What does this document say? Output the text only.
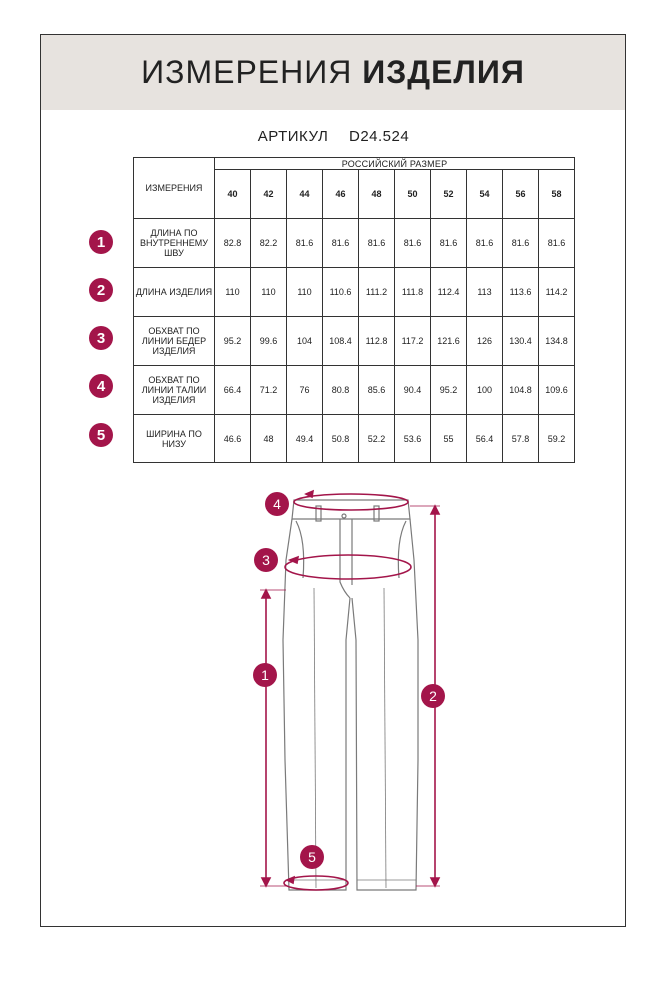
ИЗМЕРЕНИЯ ИЗДЕЛИЯ
АРТИКУЛ D24.524
1
2
3
4
5
ИЗМЕРЕНИЯ	РОССИЙСКИЙ РАЗМЕР									
	40	42	44	46	48	50	52	54	56	58
ДЛИНА ПО ВНУТРЕННЕМУ ШВУ	82.8	82.2	81.6	81.6	81.6	81.6	81.6	81.6	81.6	81.6
ДЛИНА ИЗДЕЛИЯ	110	110	110	110.6	111.2	111.8	112.4	113	113.6	114.2
ОБХВАТ ПО ЛИНИИ БЕДЕР ИЗДЕЛИЯ	95.2	99.6	104	108.4	112.8	117.2	121.6	126	130.4	134.8
ОБХВАТ ПО ЛИНИИ ТАЛИИ ИЗДЕЛИЯ	66.4	71.2	76	80.8	85.6	90.4	95.2	100	104.8	109.6
ШИРИНА ПО НИЗУ	46.6	48	49.4	50.8	52.2	53.6	55	56.4	57.8	59.2
4
3
1
2
5
